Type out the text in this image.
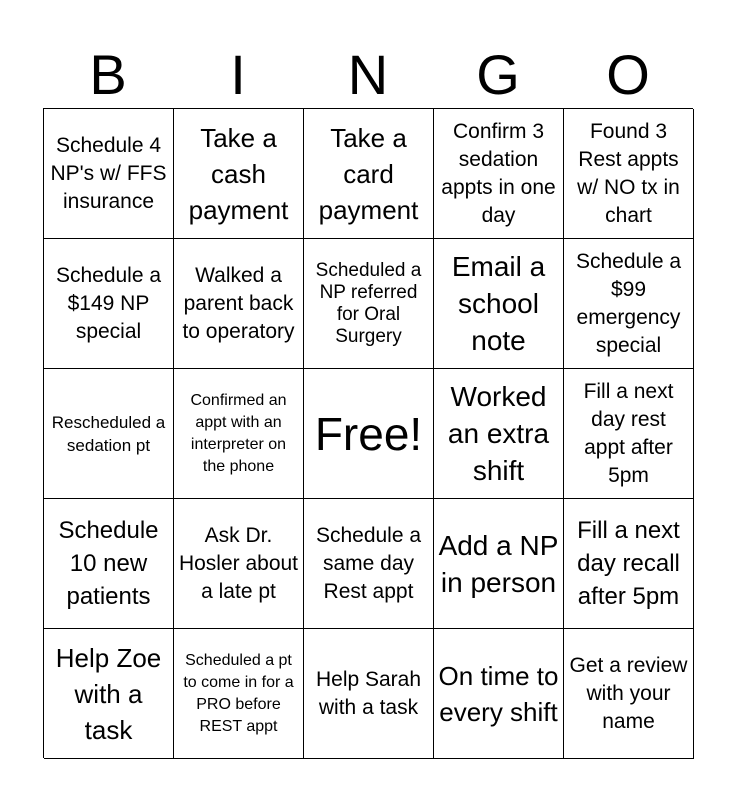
B	I	N	G	O
Schedule 4 NP's w/ FFS insurance
Take a cash payment
Take a card payment
Confirm 3 sedation appts in one day
Found 3 Rest appts w/ NO tx in chart
Schedule a $149 NP special
Walked a parent back to operatory
Scheduled a NP referred for Oral Surgery
Email a school note
Schedule a $99 emergency special
Rescheduled a sedation pt
Confirmed an appt with an interpreter on the phone
Free!
Worked an extra shift
Fill a next day rest appt after 5pm
Schedule 10 new patients
Ask Dr. Hosler about a late pt
Schedule a same day Rest appt
Add a NP in person
Fill a next day recall after 5pm
Help Zoe with a task
Scheduled a pt to come in for a PRO before REST appt
Help Sarah with a task
On time to every shift
Get a review with your name
